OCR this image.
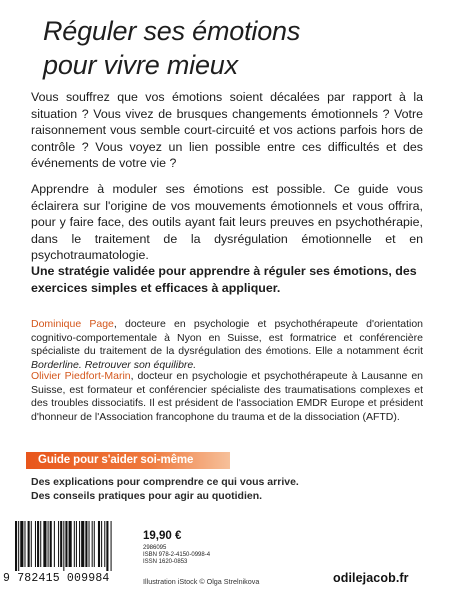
Réguler ses émotions
pour vivre mieux

Vous souffrez que vos émotions soient décalées par rapport à la situation ? Vous vivez de brusques changements émotionnels ? Votre raisonnement vous semble court-circuité et vos actions parfois hors de contrôle ? Vous voyez un lien possible entre ces difficultés et des événements de votre vie ?

Apprendre à moduler ses émotions est possible. Ce guide vous éclairera sur l'origine de vos mouvements émotionnels et vous offrira, pour y faire face, des outils ayant fait leurs preuves en psychothérapie, dans le traitement de la dysrégulation émotionnelle et en psychotraumatologie.

Une stratégie validée pour apprendre à réguler ses émotions, des exercices simples et efficaces à appliquer.

Dominique Page, docteure en psychologie et psychothérapeute d'orientation cognitivo-comportementale à Nyon en Suisse, est formatrice et conférencière spécialiste du traitement de la dysrégulation des émotions. Elle a notamment écrit Borderline. Retrouver son équilibre.

Olivier Piedfort-Marin, docteur en psychologie et psychothérapeute à Lausanne en Suisse, est formateur et conférencier spécialiste des traumatisations complexes et des troubles dissociatifs. Il est président de l'association EMDR Europe et président d'honneur de l'Association francophone du trauma et de la dissociation (AFTD).

Guide pour s'aider soi-même

Des explications pour comprendre ce qui vous arrive.

Des conseils pratiques pour agir au quotidien.

9 782415 009984
19,90 €
2986095
ISBN 978-2-4150-0998-4
ISSN 1620-0853
Illustration iStock © Olga Strelnikova	odilejacob.fr
